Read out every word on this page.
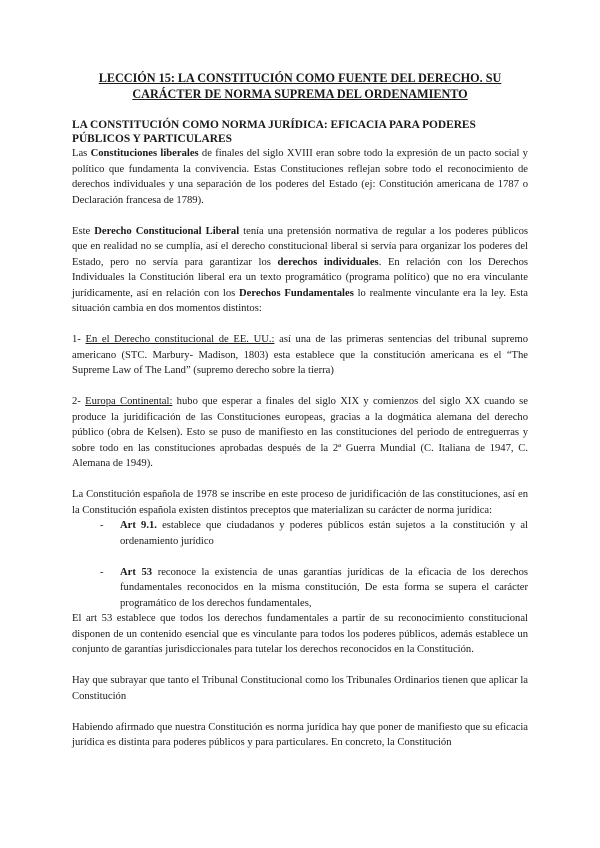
LECCIÓN 15: LA CONSTITUCIÓN COMO FUENTE DEL DERECHO. SU CARÁCTER DE NORMA SUPREMA DEL ORDENAMIENTO
LA CONSTITUCIÓN COMO NORMA JURÍDICA: EFICACIA PARA PODERES PÚBLICOS Y PARTICULARES

Las Constituciones liberales de finales del siglo XVIII eran sobre todo la expresión de un pacto social y político que fundamenta la convivencia. Estas Constituciones reflejan sobre todo el reconocimiento de derechos individuales y una separación de los poderes del Estado (ej: Constitución americana de 1787 o Declaración francesa de 1789).

Este Derecho Constitucional Liberal tenía una pretensión normativa de regular a los poderes públicos que en realidad no se cumplía, así el derecho constitucional liberal si servía para organizar los poderes del Estado, pero no servía para garantizar los derechos individuales. En relación con los Derechos Individuales la Constitución liberal era un texto programático (programa político) que no era vinculante jurídicamente, así en relación con los Derechos Fundamentales lo realmente vinculante era la ley. Esta situación cambia en dos momentos distintos:

1- En el Derecho constitucional de EE. UU.: así una de las primeras sentencias del tribunal supremo americano (STC. Marbury- Madison, 1803) esta establece que la constitución americana es el “The Supreme Law of The Land” (supremo derecho sobre la tierra)

2- Europa Continental: hubo que esperar a finales del siglo XIX y comienzos del siglo XX cuando se produce la juridificación de las Constituciones europeas, gracias a la dogmática alemana del derecho público (obra de Kelsen). Esto se puso de manifiesto en las constituciones del periodo de entreguerras y sobre todo en las constituciones aprobadas después de la 2ª Guerra Mundial (C. Italiana de 1947, C. Alemana de 1949).

La Constitución española de 1978 se inscribe en este proceso de juridificación de las constituciones, así en la Constitución española existen distintos preceptos que materializan su carácter de norma jurídica:

- Art 9.1. establece que ciudadanos y poderes públicos están sujetos a la constitución y al ordenamiento jurídico
- Art 53 reconoce la existencia de unas garantías jurídicas de la eficacia de los derechos fundamentales reconocidos en la misma constitución, De esta forma se supera el carácter programático de los derechos fundamentales,

El art 53 establece que todos los derechos fundamentales a partir de su reconocimiento constitucional disponen de un contenido esencial que es vinculante para todos los poderes públicos, además establece un conjunto de garantías jurisdiccionales para tutelar los derechos reconocidos en la Constitución.

Hay que subrayar que tanto el Tribunal Constitucional como los Tribunales Ordinarios tienen que aplicar la Constitución

Habiendo afirmado que nuestra Constitución es norma jurídica hay que poner de manifiesto que su eficacia jurídica es distinta para poderes públicos y para particulares. En concreto, la Constitución
